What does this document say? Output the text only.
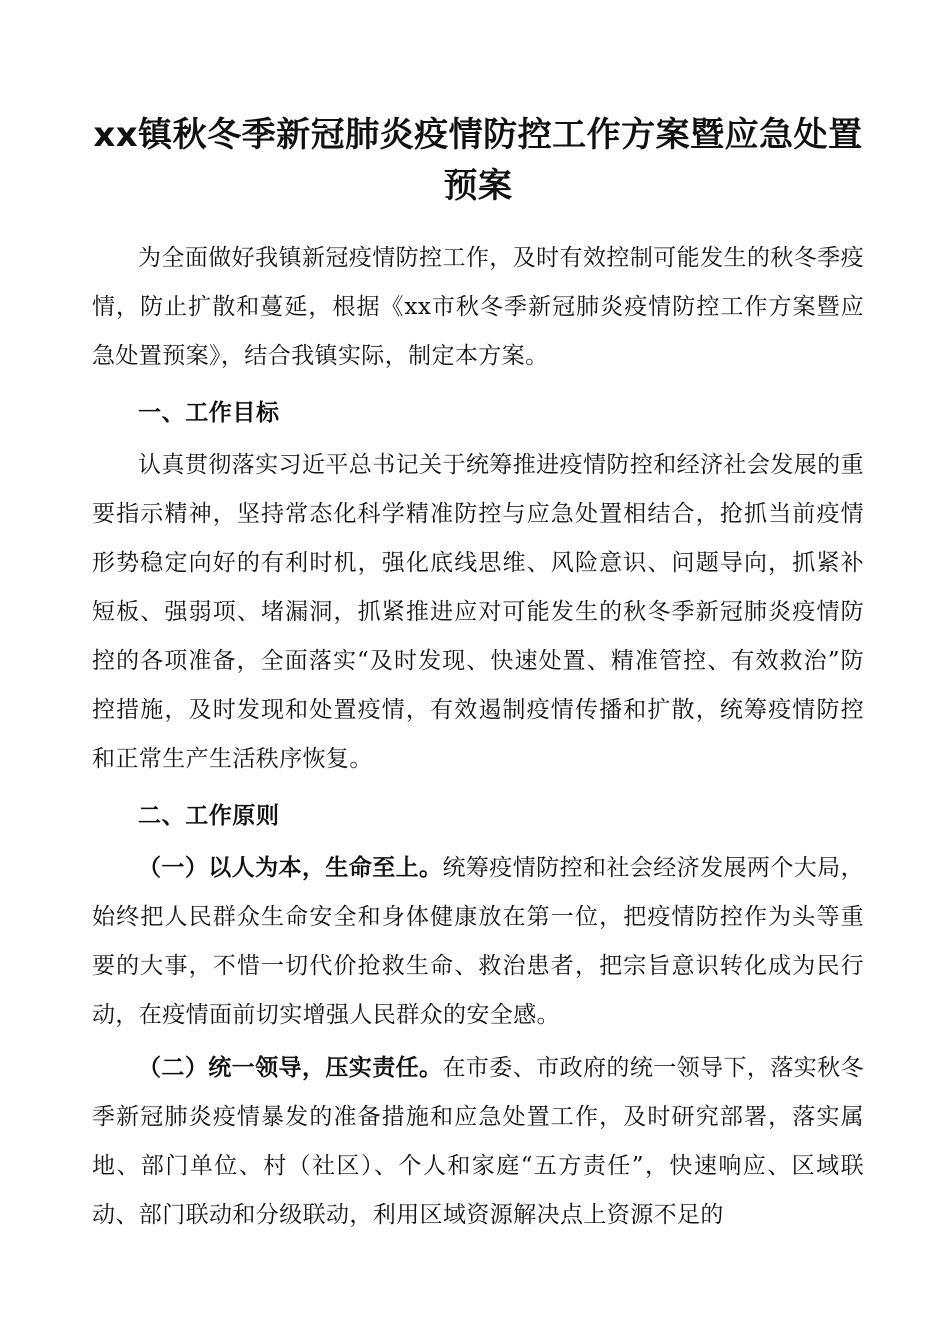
xx镇秋冬季新冠肺炎疫情防控工作方案暨应急处置预案

为全面做好我镇新冠疫情防控工作，及时有效控制可能发生的秋冬季疫情，防止扩散和蔓延，根据《xx市秋冬季新冠肺炎疫情防控工作方案暨应急处置预案》，结合我镇实际，制定本方案。

一、工作目标

认真贯彻落实习近平总书记关于统筹推进疫情防控和经济社会发展的重要指示精神，坚持常态化科学精准防控与应急处置相结合，抢抓当前疫情形势稳定向好的有利时机，强化底线思维、风险意识、问题导向，抓紧补短板、强弱项、堵漏洞，抓紧推进应对可能发生的秋冬季新冠肺炎疫情防控的各项准备，全面落实“及时发现、快速处置、精准管控、有效救治”防控措施，及时发现和处置疫情，有效遏制疫情传播和扩散，统筹疫情防控和正常生产生活秩序恢复。

二、工作原则

（一）以人为本，生命至上。统筹疫情防控和社会经济发展两个大局，始终把人民群众生命安全和身体健康放在第一位，把疫情防控作为头等重要的大事，不惜一切代价抢救生命、救治患者，把宗旨意识转化成为民行动，在疫情面前切实增强人民群众的安全感。

（二）统一领导，压实责任。在市委、市政府的统一领导下，落实秋冬季新冠肺炎疫情暴发的准备措施和应急处置工作，及时研究部署，落实属地、部门单位、村（社区）、个人和家庭“五方责任”，快速响应、区域联动、部门联动和分级联动，利用区域资源解决点上资源不足的
